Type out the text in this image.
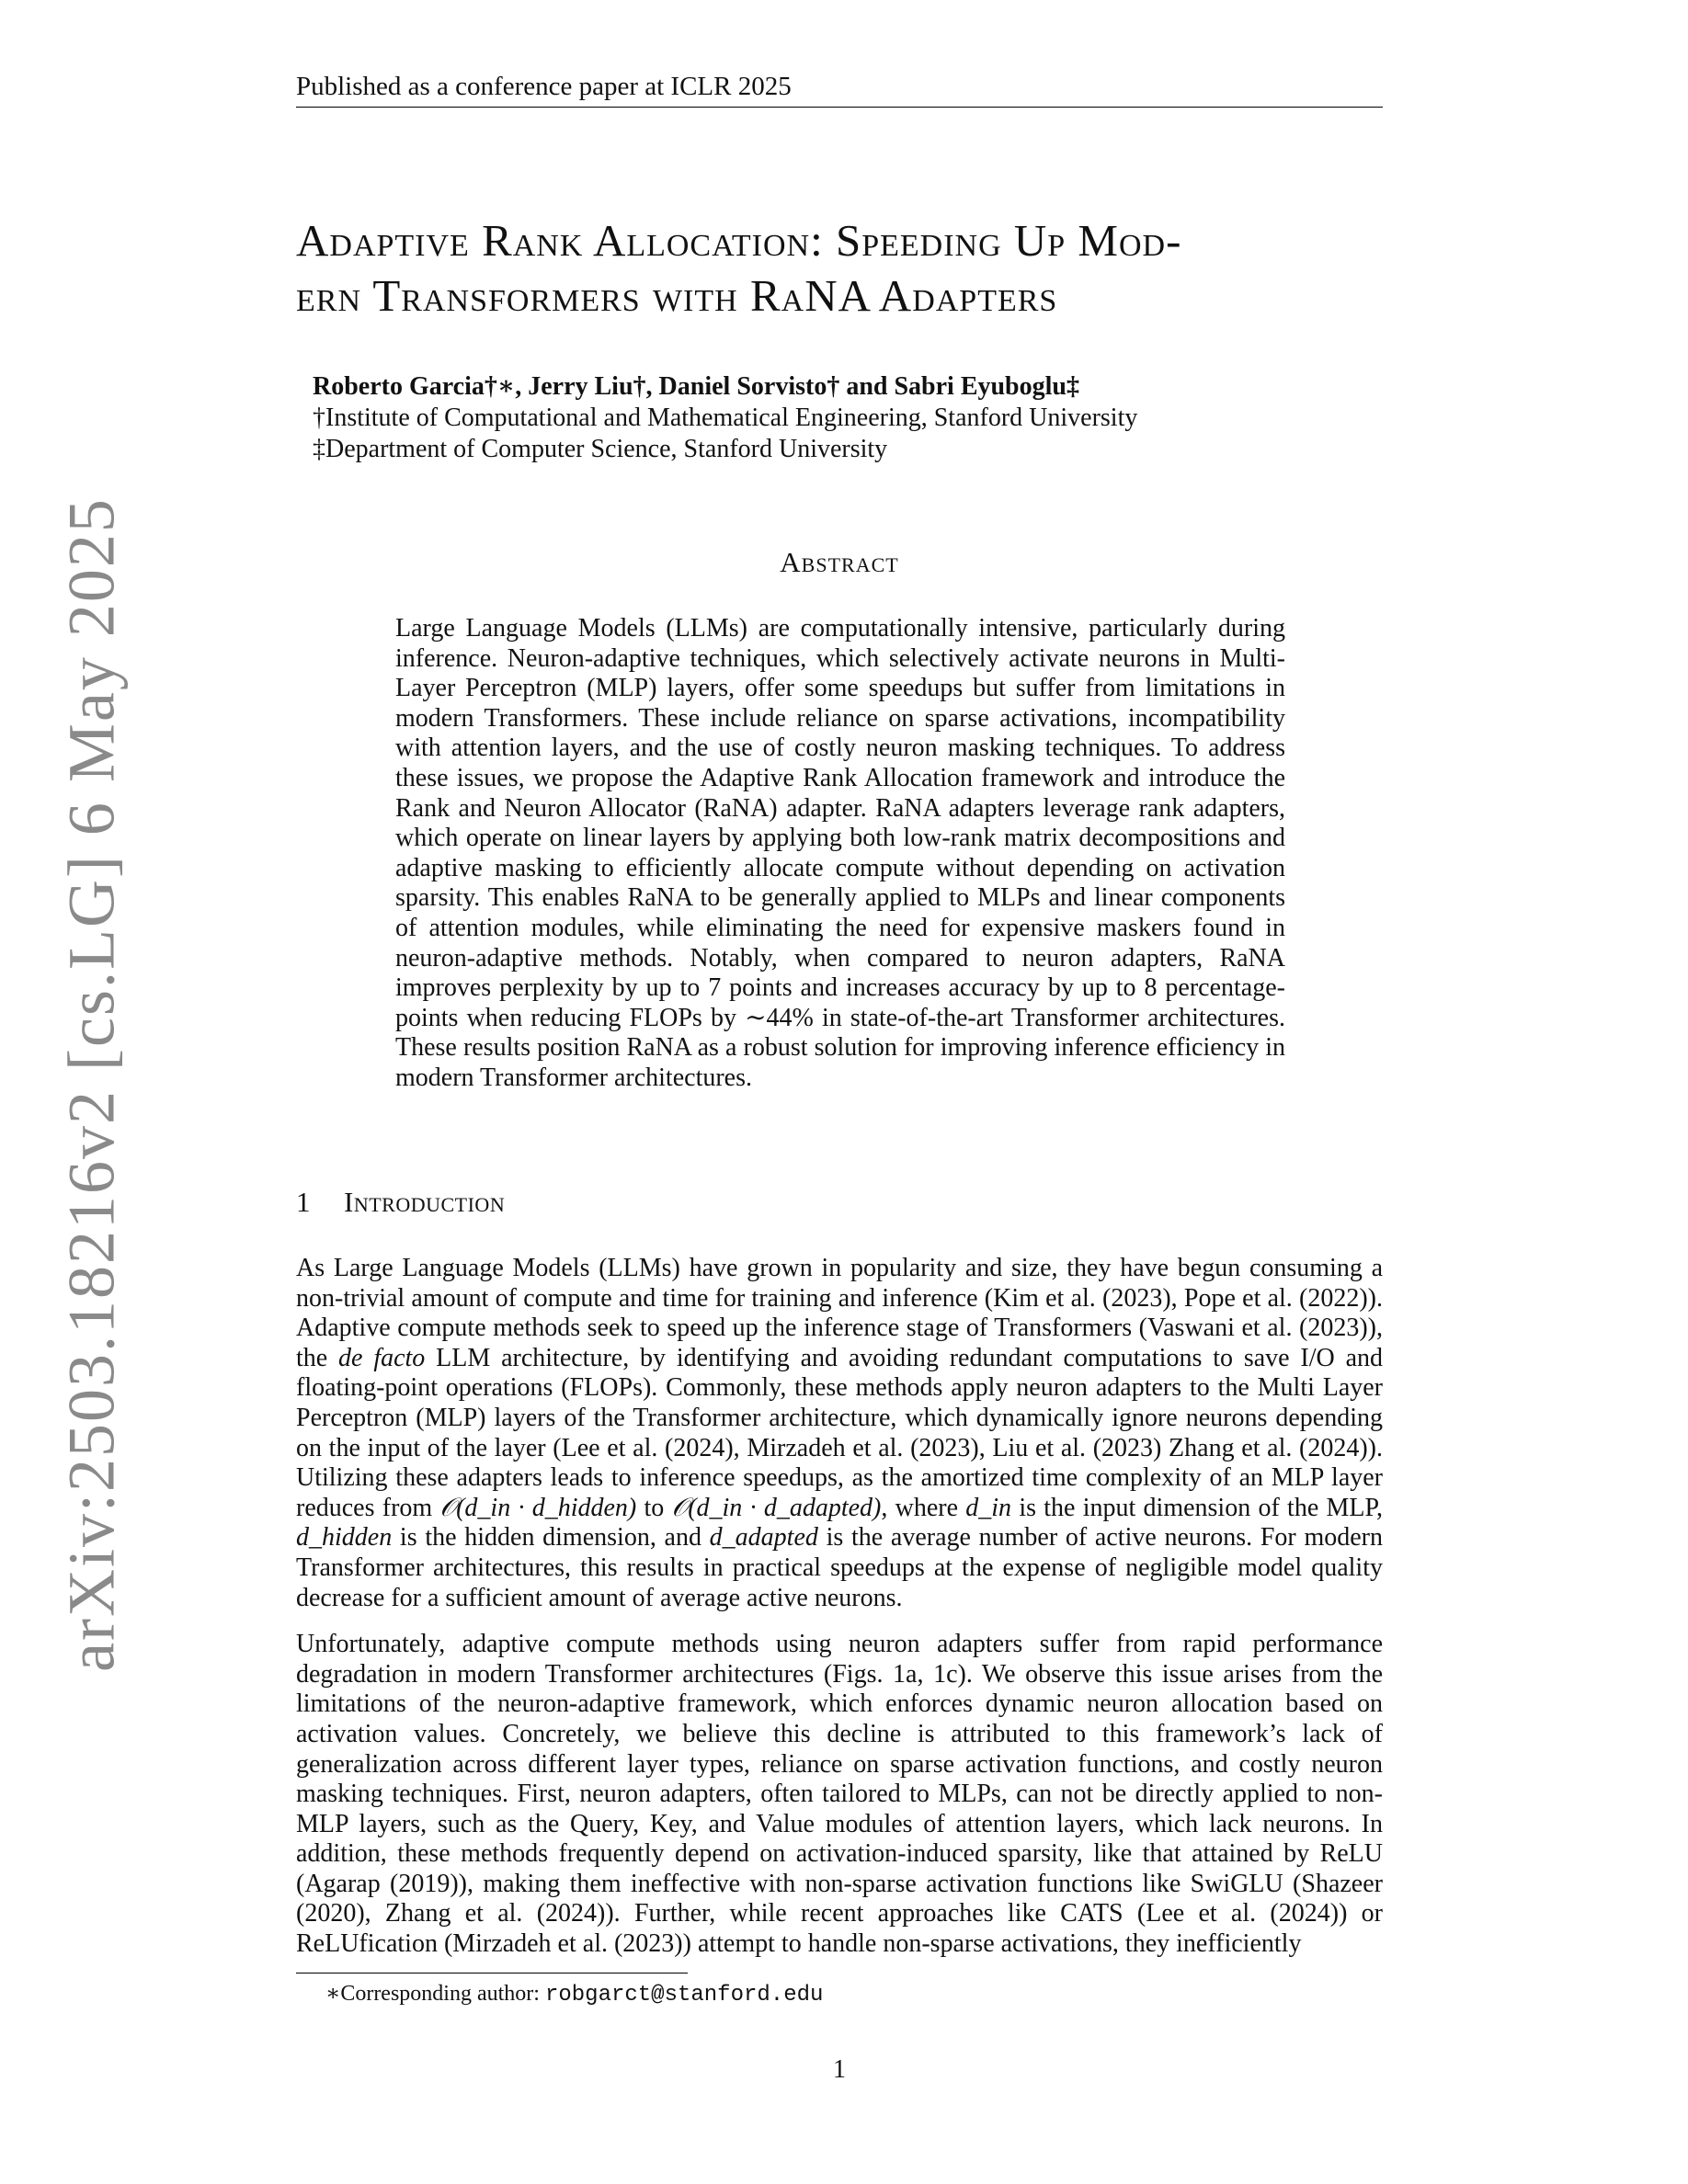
Published as a conference paper at ICLR 2025
arXiv:2503.18216v2 [cs.LG] 6 May 2025
Adaptive Rank Allocation: Speeding Up Mod-
ern Transformers with RaNA Adapters
Roberto Garcia†∗, Jerry Liu†, Daniel Sorvisto† and Sabri Eyuboglu‡
†Institute of Computational and Mathematical Engineering, Stanford University
‡Department of Computer Science, Stanford University
Abstract

Large Language Models (LLMs) are computationally intensive, particularly during inference. Neuron-adaptive techniques, which selectively activate neurons in Multi-Layer Perceptron (MLP) layers, offer some speedups but suffer from limitations in modern Transformers. These include reliance on sparse activations, incompatibility with attention layers, and the use of costly neuron masking techniques. To address these issues, we propose the Adaptive Rank Allocation framework and introduce the Rank and Neuron Allocator (RaNA) adapter. RaNA adapters leverage rank adapters, which operate on linear layers by applying both low-rank matrix decompositions and adaptive masking to efficiently allocate compute without depending on activation sparsity. This enables RaNA to be generally applied to MLPs and linear components of attention modules, while eliminating the need for expensive maskers found in neuron-adaptive methods. Notably, when compared to neuron adapters, RaNA improves perplexity by up to 7 points and increases accuracy by up to 8 percentage-points when reducing FLOPs by ∼44% in state-of-the-art Transformer architectures. These results position RaNA as a robust solution for improving inference efficiency in modern Transformer architectures.

1 Introduction

As Large Language Models (LLMs) have grown in popularity and size, they have begun consuming a non-trivial amount of compute and time for training and inference (Kim et al. (2023), Pope et al. (2022)). Adaptive compute methods seek to speed up the inference stage of Transformers (Vaswani et al. (2023)), the de facto LLM architecture, by identifying and avoiding redundant computations to save I/O and floating-point operations (FLOPs). Commonly, these methods apply neuron adapters to the Multi Layer Perceptron (MLP) layers of the Transformer architecture, which dynamically ignore neurons depending on the input of the layer (Lee et al. (2024), Mirzadeh et al. (2023), Liu et al. (2023) Zhang et al. (2024)). Utilizing these adapters leads to inference speedups, as the amortized time complexity of an MLP layer reduces from 𝒪(d_in · d_hidden) to 𝒪(d_in · d_adapted), where d_in is the input dimension of the MLP, d_hidden is the hidden dimension, and d_adapted is the average number of active neurons. For modern Transformer architectures, this results in practical speedups at the expense of negligible model quality decrease for a sufficient amount of average active neurons.

Unfortunately, adaptive compute methods using neuron adapters suffer from rapid performance degradation in modern Transformer architectures (Figs. 1a, 1c). We observe this issue arises from the limitations of the neuron-adaptive framework, which enforces dynamic neuron allocation based on activation values. Concretely, we believe this decline is attributed to this framework’s lack of generalization across different layer types, reliance on sparse activation functions, and costly neuron masking techniques. First, neuron adapters, often tailored to MLPs, can not be directly applied to non-MLP layers, such as the Query, Key, and Value modules of attention layers, which lack neurons. In addition, these methods frequently depend on activation-induced sparsity, like that attained by ReLU (Agarap (2019)), making them ineffective with non-sparse activation functions like SwiGLU (Shazeer (2020), Zhang et al. (2024)). Further, while recent approaches like CATS (Lee et al. (2024)) or ReLUfication (Mirzadeh et al. (2023)) attempt to handle non-sparse activations, they inefficiently

∗Corresponding author: robgarct@stanford.edu
1
